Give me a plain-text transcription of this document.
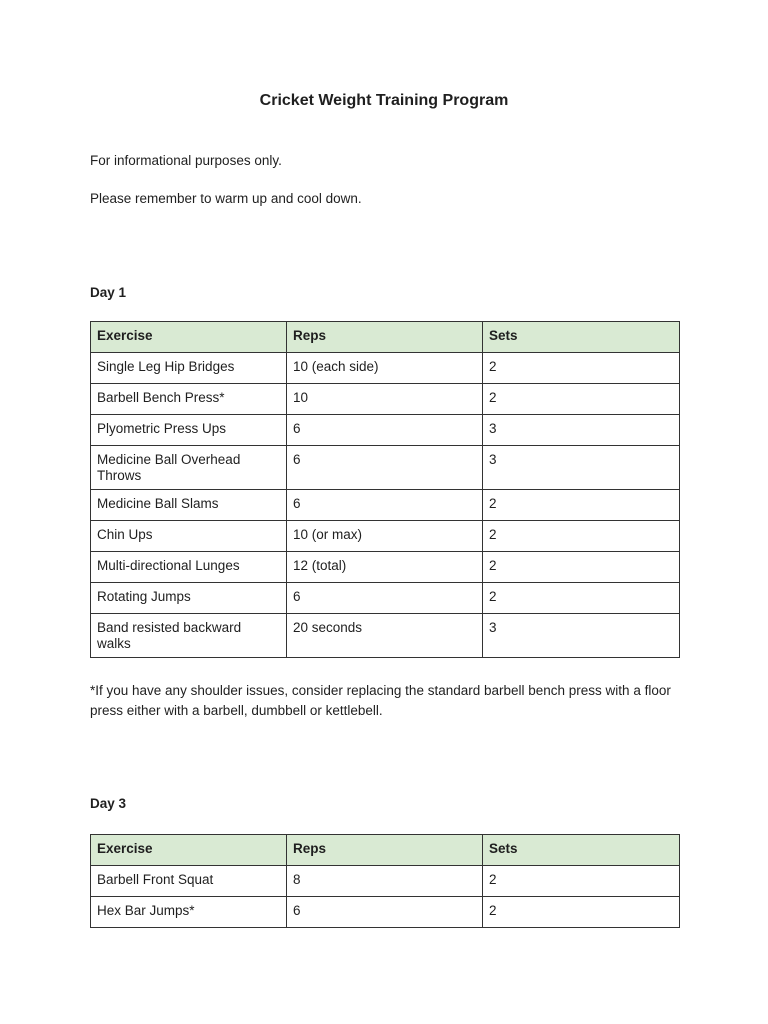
Cricket Weight Training Program

For informational purposes only.

Please remember to warm up and cool down.

Day 1

Exercise	Reps	Sets
Single Leg Hip Bridges	10 (each side)	2
Barbell Bench Press*	10	2
Plyometric Press Ups	6	3
Medicine Ball Overhead Throws	6	3
Medicine Ball Slams	6	2
Chin Ups	10 (or max)	2
Multi-directional Lunges	12 (total)	2
Rotating Jumps	6	2
Band resisted backward walks	20 seconds	3

*If you have any shoulder issues, consider replacing the standard barbell bench press with a floor press either with a barbell, dumbbell or kettlebell.

Day 3

Exercise	Reps	Sets
Barbell Front Squat	8	2
Hex Bar Jumps*	6	2
